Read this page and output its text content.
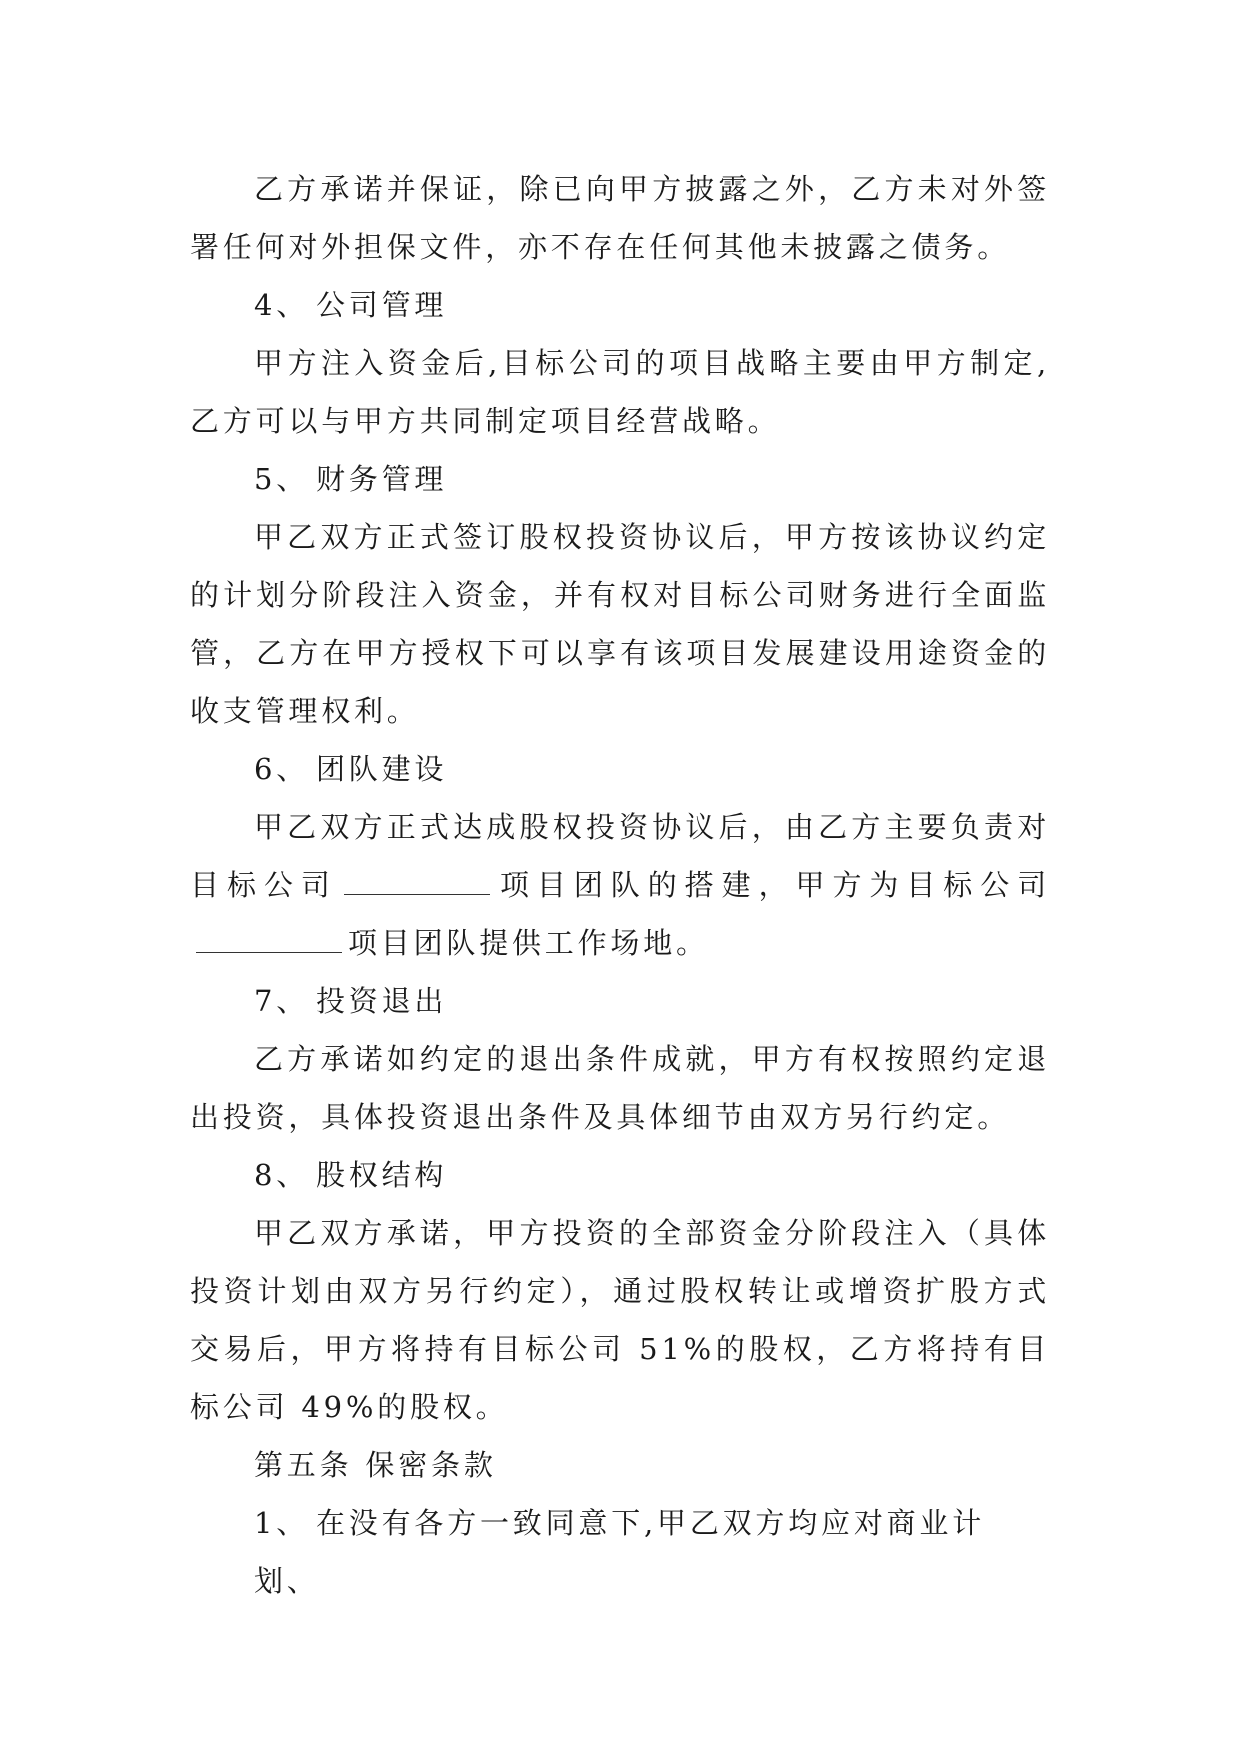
乙方承诺并保证，除已向甲方披露之外，乙方未对外签署任何对外担保文件，亦不存在任何其他未披露之债务。

4、 公司管理

甲方注入资金后,目标公司的项目战略主要由甲方制定,乙方可以与甲方共同制定项目经营战略。

5、 财务管理

甲乙双方正式签订股权投资协议后，甲方按该协议约定的计划分阶段注入资金，并有权对目标公司财务进行全面监管，乙方在甲方授权下可以享有该项目发展建设用途资金的收支管理权利。

6、 团队建设

甲乙双方正式达成股权投资协议后，由乙方主要负责对目标公司	项目团队的搭建，甲方为目标公司项目团队提供工作场地。

7、 投资退出

乙方承诺如约定的退出条件成就，甲方有权按照约定退出投资，具体投资退出条件及具体细节由双方另行约定。

8、 股权结构

甲乙双方承诺，甲方投资的全部资金分阶段注入（具体投资计划由双方另行约定），通过股权转让或增资扩股方式交易后，甲方将持有目标公司 51%的股权，乙方将持有目标公司 49%的股权。

第五条 保密条款

1、 在没有各方一致同意下,甲乙双方均应对商业计划、
